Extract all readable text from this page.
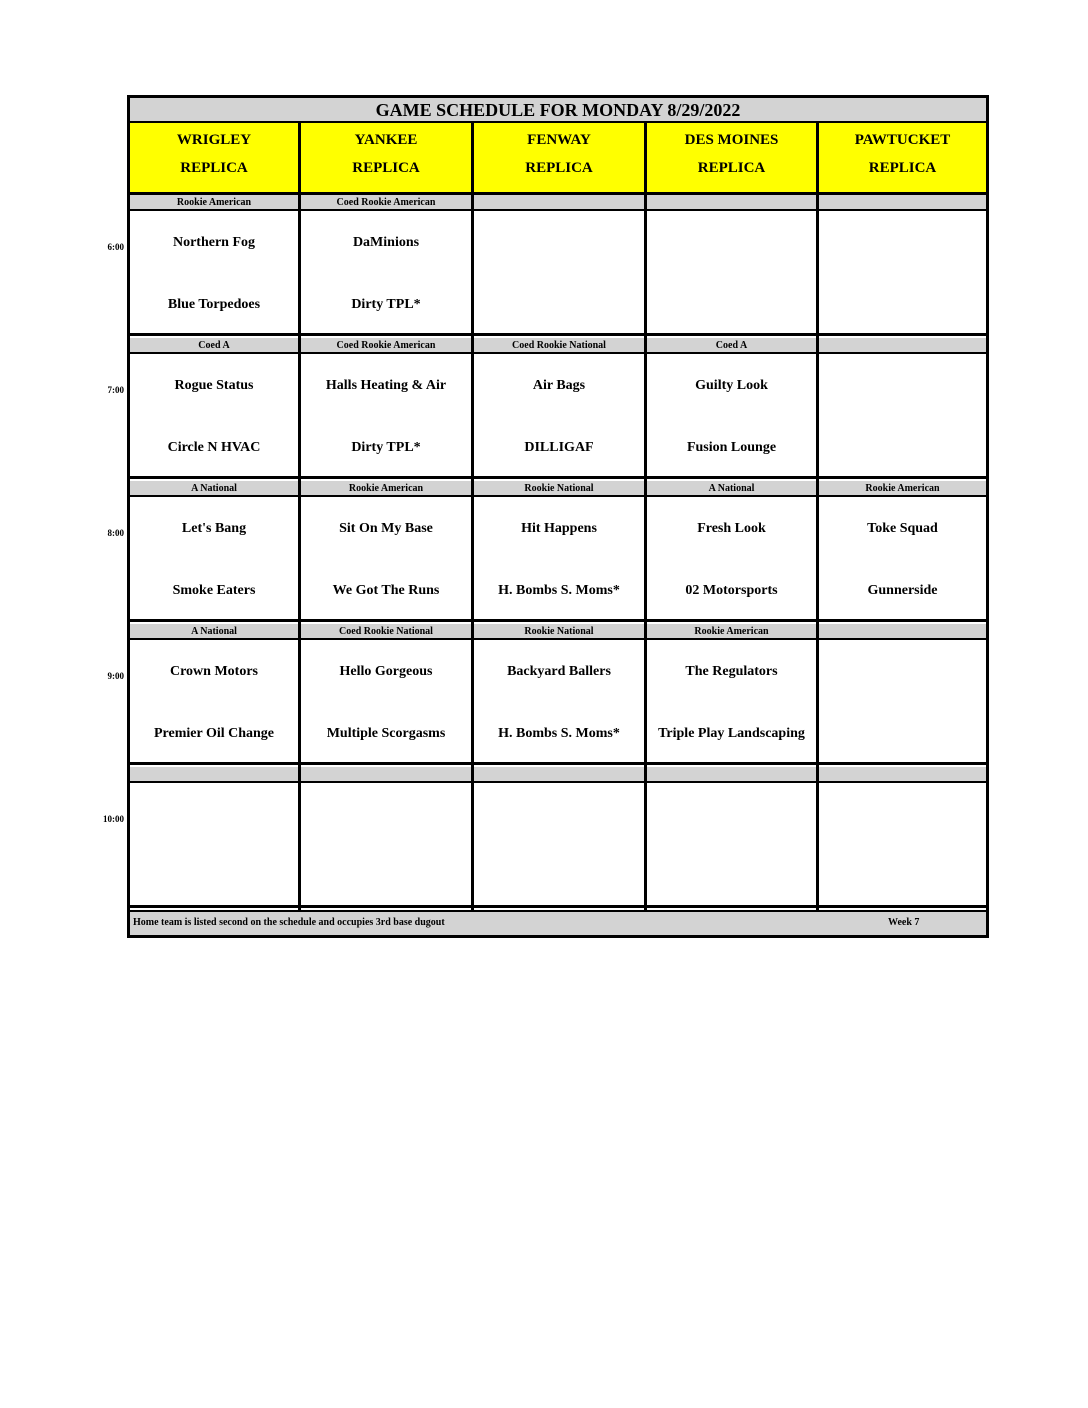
6:00
7:00
8:00
9:00
10:00
GAME SCHEDULE FOR MONDAY 8/29/2022
WRIGLEY
REPLICA
YANKEE
REPLICA
FENWAY
REPLICA
DES MOINES
REPLICA
PAWTUCKET
REPLICA
Rookie American
Northern Fog
Blue Torpedoes
Coed Rookie American
DaMinions
Dirty TPL*
Coed A
Rogue Status
Circle N HVAC
Coed Rookie American
Halls Heating & Air
Dirty TPL*
Coed Rookie National
Air Bags
DILLIGAF
Coed A
Guilty Look
Fusion Lounge
A National
Let's Bang
Smoke Eaters
Rookie American
Sit On My Base
We Got The Runs
Rookie National
Hit Happens
H. Bombs S. Moms*
A National
Fresh Look
02 Motorsports
Rookie American
Toke Squad
Gunnerside
A National
Crown Motors
Premier Oil Change
Coed Rookie National
Hello Gorgeous
Multiple Scorgasms
Rookie National
Backyard Ballers
H. Bombs S. Moms*
Rookie American
The Regulators
Triple Play Landscaping
Home team is listed second on the schedule and occupies 3rd base dugout	Week 7
